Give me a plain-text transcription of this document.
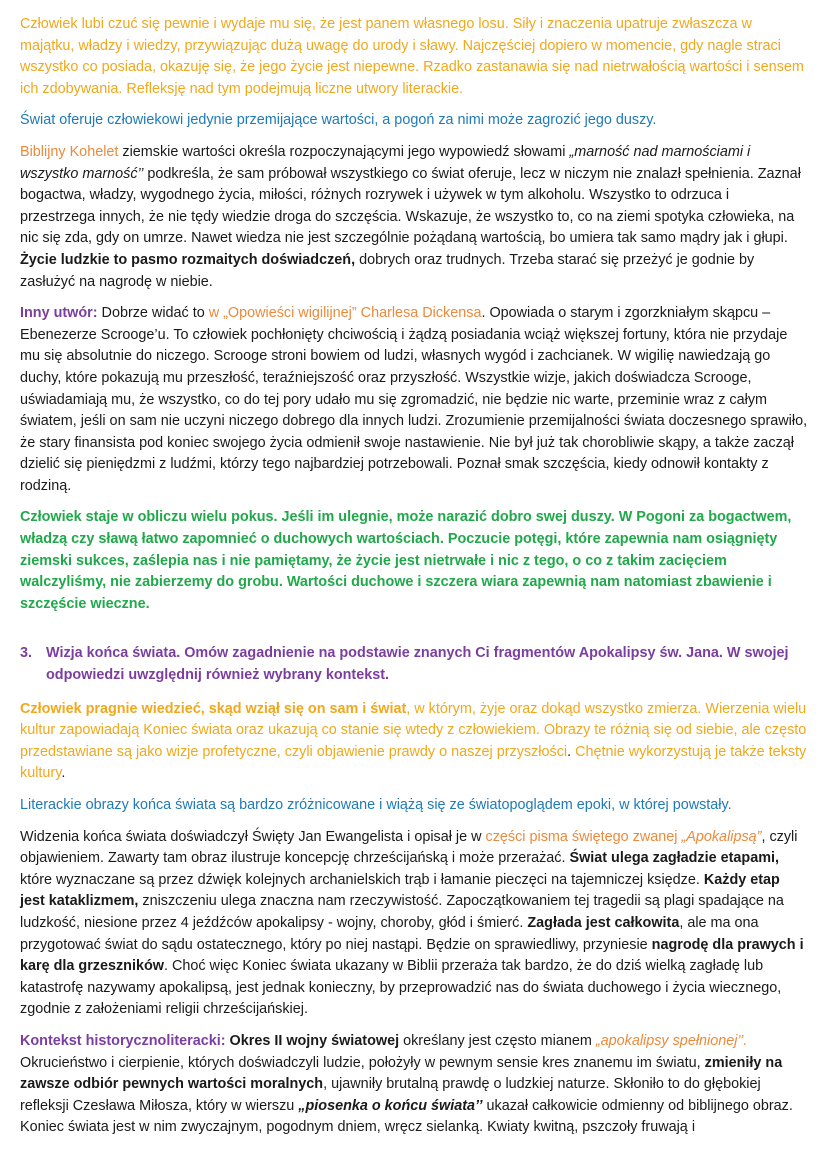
Człowiek lubi czuć się pewnie i wydaje mu się, że jest panem własnego losu. Siły i znaczenia upatruje zwłaszcza w majątku, władzy i wiedzy, przywiązując dużą uwagę do urody i sławy. Najczęściej dopiero w momencie, gdy nagle straci wszystko co posiada, okazuję się, że jego życie jest niepewne. Rzadko zastanawia się nad nietrwałością wartości i sensem ich zdobywania. Refleksję nad tym podejmują liczne utwory literackie.

Świat oferuje człowiekowi jedynie przemijające wartości, a pogoń za nimi może zagrozić jego duszy.

Biblijny Kohelet ziemskie wartości określa rozpoczynającymi jego wypowiedź słowami „marność nad marnościami i wszystko marność’’ podkreśla, że sam próbował wszystkiego co świat oferuje, lecz w niczym nie znalazł spełnienia. Zaznał bogactwa, władzy, wygodnego życia, miłości, różnych rozrywek i używek w tym alkoholu. Wszystko to odrzuca i przestrzega innych, że nie tędy wiedzie droga do szczęścia. Wskazuje, że wszystko to, co na ziemi spotyka człowieka, na nic się zda, gdy on umrze. Nawet wiedza nie jest szczególnie pożądaną wartością, bo umiera tak samo mądry jak i głupi. Życie ludzkie to pasmo rozmaitych doświadczeń, dobrych oraz trudnych. Trzeba starać się przeżyć je godnie by zasłużyć na nagrodę w niebie.

Inny utwór: Dobrze widać to w „Opowieści wigilijnej” Charlesa Dickensa. Opowiada o starym i zgorzkniałym skąpcu – Ebenezerze Scrooge’u. To człowiek pochłonięty chciwością i żądzą posiadania wciąż większej fortuny, która nie przydaje mu się absolutnie do niczego. Scrooge stroni bowiem od ludzi, własnych wygód i zachcianek. W wigilię nawiedzają go duchy, które pokazują mu przeszłość, teraźniejszość oraz przyszłość. Wszystkie wizje, jakich doświadcza Scrooge, uświadamiają mu, że wszystko, co do tej pory udało mu się zgromadzić, nie będzie nic warte, przeminie wraz z całym światem, jeśli on sam nie uczyni niczego dobrego dla innych ludzi. Zrozumienie przemijalności świata doczesnego sprawiło, że stary finansista pod koniec swojego życia odmienił swoje nastawienie. Nie był już tak chorobliwie skąpy, a także zaczął dzielić się pieniędzmi z ludźmi, którzy tego najbardziej potrzebowali. Poznał smak szczęścia, kiedy odnowił kontakty z rodziną.

Człowiek staje w obliczu wielu pokus. Jeśli im ulegnie, może narazić dobro swej duszy. W Pogoni za bogactwem, władzą czy sławą łatwo zapomnieć o duchowych wartościach. Poczucie potęgi, które zapewnia nam osiągnięty ziemski sukces, zaślepia nas i nie pamiętamy, że życie jest nietrwałe i nic z tego, o co z takim zacięciem walczyliśmy, nie zabierzemy do grobu. Wartości duchowe i szczera wiara zapewnią nam natomiast zbawienie i szczęście wieczne.

3. Wizja końca świata. Omów zagadnienie na podstawie znanych Ci fragmentów Apokalipsy św. Jana. W swojej odpowiedzi uwzględnij również wybrany kontekst.

Człowiek pragnie wiedzieć, skąd wziął się on sam i świat, w którym, żyje oraz dokąd wszystko zmierza. Wierzenia wielu kultur zapowiadają Koniec świata oraz ukazują co stanie się wtedy z człowiekiem. Obrazy te różnią się od siebie, ale często przedstawiane są jako wizje profetyczne, czyli objawienie prawdy o naszej przyszłości. Chętnie wykorzystują je także teksty kultury.

Literackie obrazy końca świata są bardzo zróżnicowane i wiążą się ze światopoglądem epoki, w której powstały.

Widzenia końca świata doświadczył Święty Jan Ewangelista i opisał je w części pisma świętego zwanej „Apokalipsą”, czyli objawieniem. Zawarty tam obraz ilustruje koncepcję chrześcijańską i może przerażać. Świat ulega zagładzie etapami, które wyznaczane są przez dźwięk kolejnych archanielskich trąb i łamanie pieczęci na tajemniczej księdze. Każdy etap jest kataklizmem, zniszczeniu ulega znaczna nam rzeczywistość. Zapoczątkowaniem tej tragedii są plagi spadające na ludzkość, niesione przez 4 jeźdźców apokalipsy - wojny, choroby, głód i śmierć. Zagłada jest całkowita, ale ma ona przygotować świat do sądu ostatecznego, który po niej nastąpi. Będzie on sprawiedliwy, przyniesie nagrodę dla prawych i karę dla grzeszników. Choć więc Koniec świata ukazany w Biblii przeraża tak bardzo, że do dziś wielką zagładę lub katastrofę nazywamy apokalipsą, jest jednak konieczny, by przeprowadzić nas do świata duchowego i życia wiecznego, zgodnie z założeniami religii chrześcijańskiej.

Kontekst historycznoliteracki: Okres II wojny światowej określany jest często mianem „apokalipsy spełnionej’’. Okrucieństwo i cierpienie, których doświadczyli ludzie, położyły w pewnym sensie kres znanemu im światu, zmieniły na zawsze odbiór pewnych wartości moralnych, ujawniły brutalną prawdę o ludzkiej naturze. Skłoniło to do głębokiej refleksji Czesława Miłosza, który w wierszu „piosenka o końcu świata’’ ukazał całkowicie odmienny od biblijnego obraz. Koniec świata jest w nim zwyczajnym, pogodnym dniem, wręcz sielanką. Kwiaty kwitną, pszczoły fruwają i
